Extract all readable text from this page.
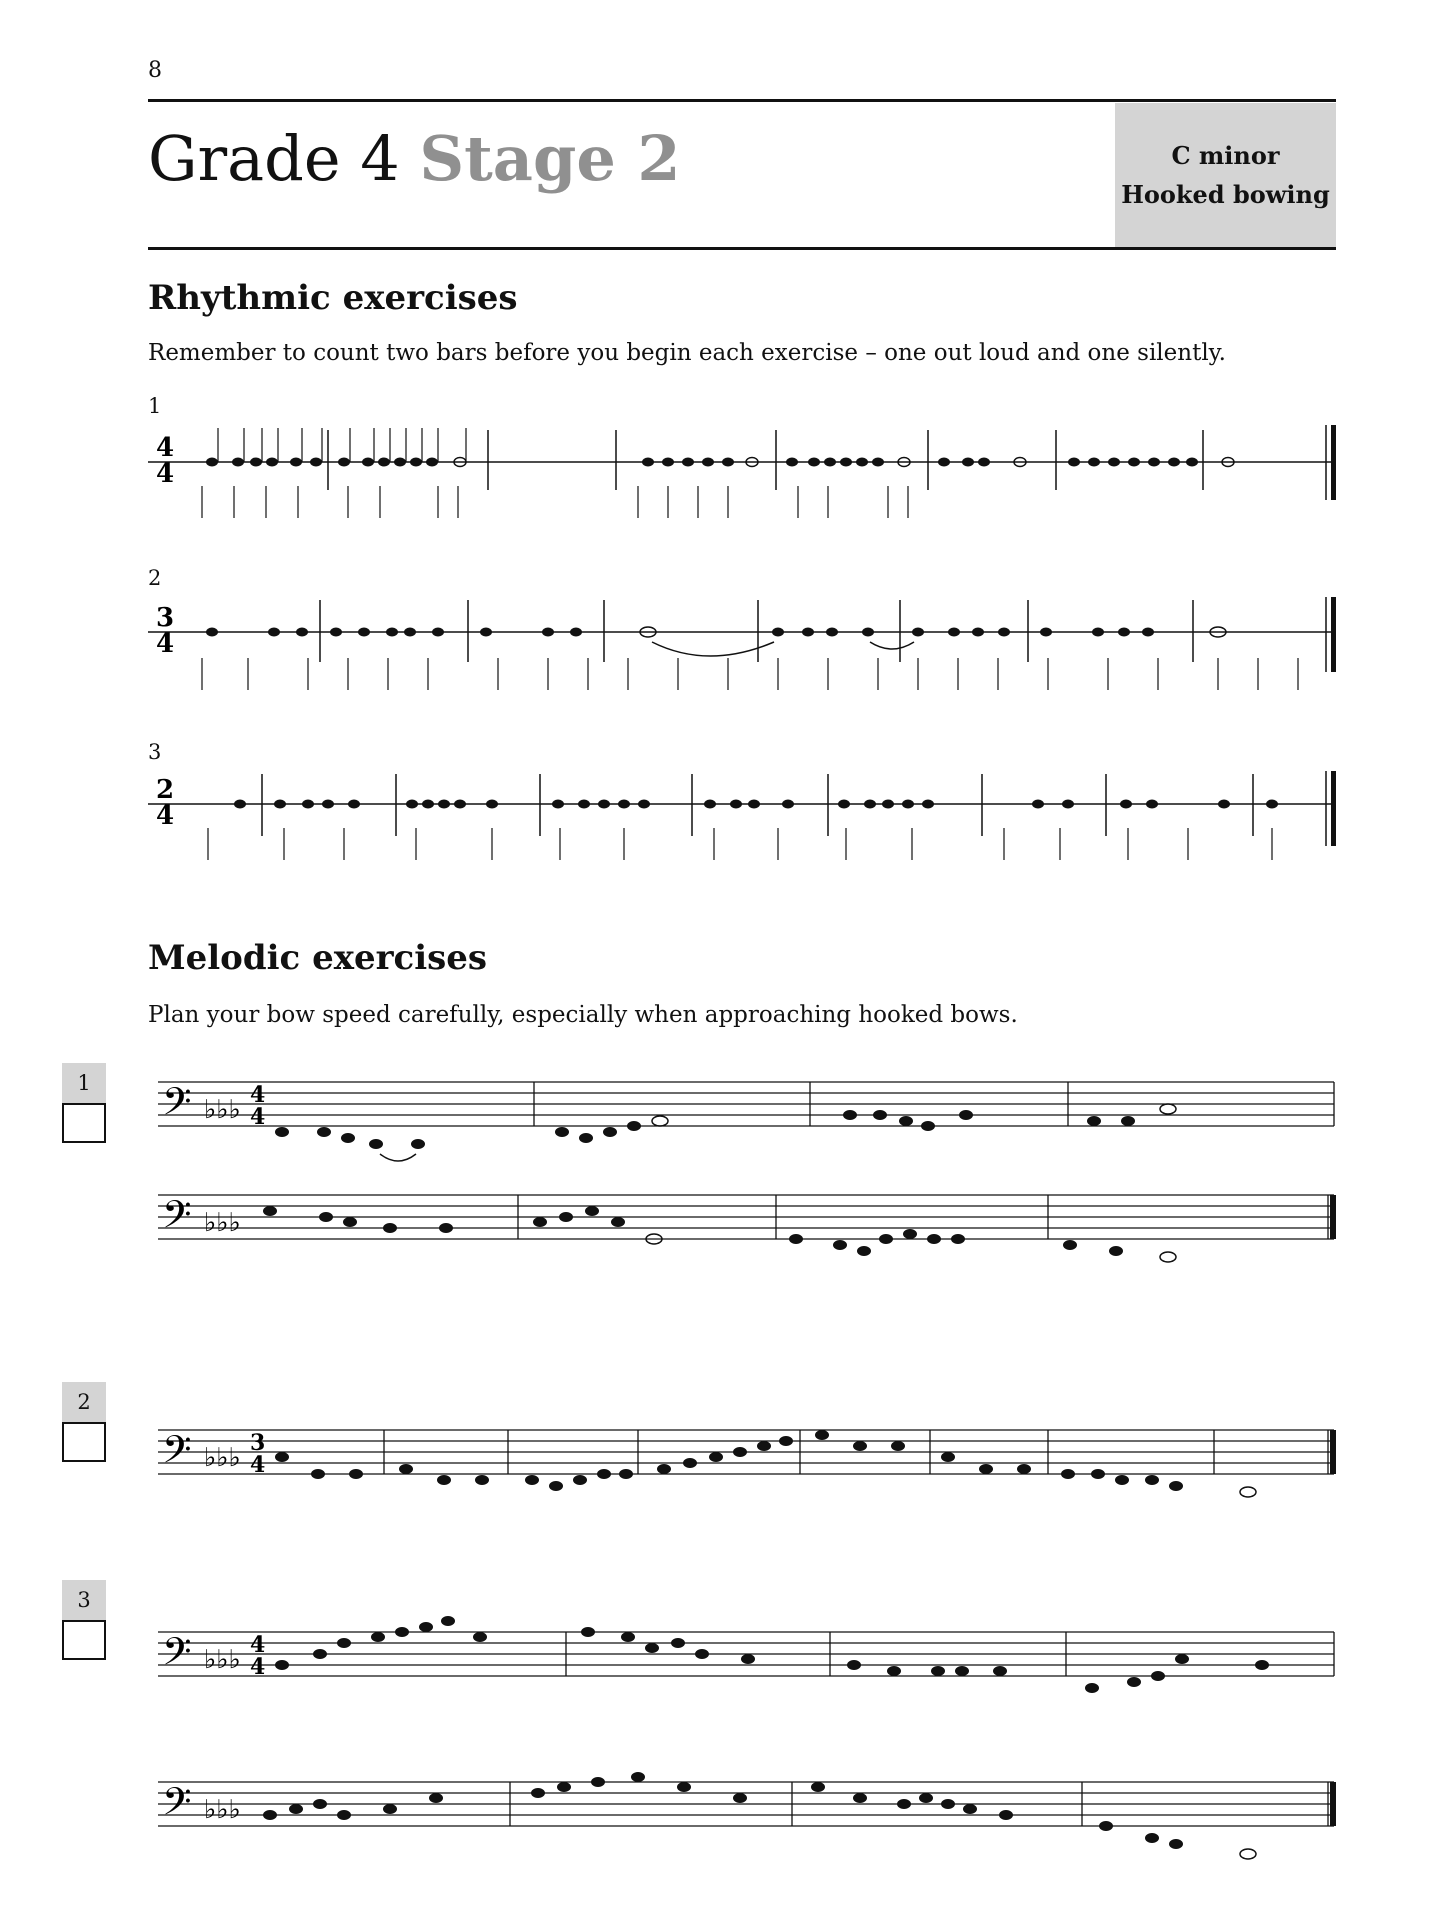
8
Grade 4 Stage 2	C minor
Hooked bowing
Rhythmic exercises
Remember to count two bars before you begin each exercise – one out loud and one silently.
1
4
4
2
3
4
3
2
4
Melodic exercises
Plan your bow speed carefully, especially when approaching hooked bows.
1	𝄢 ♭♭♭ 4
4
𝄢 ♭♭♭
2
𝄢 ♭♭♭ 3
4
3
𝄢 ♭♭♭ 4
4
𝄢 ♭♭♭
